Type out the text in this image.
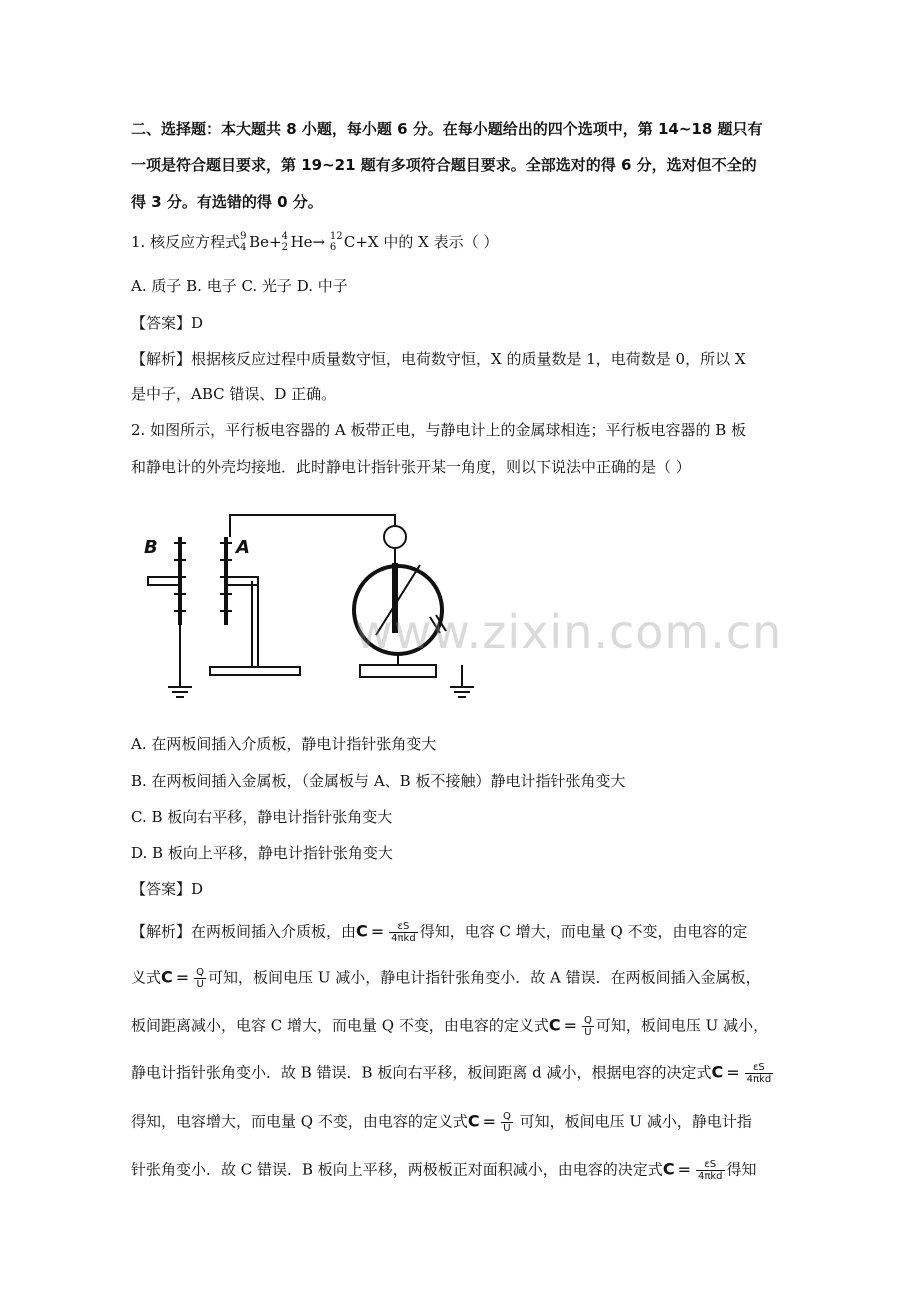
二、选择题：本大题共 8 小题，每小题 6 分。在每小题给出的四个选项中，第 14~18 题只有
一项是符合题目要求，第 19~21 题有多项符合题目要求。全部选对的得 6 分，选对但不全的
得 3 分。有选错的得 0 分。
1. 核反应方程式 9
4 Be+ 4
2 He→ 12
6 C+X 中的 X 表示（ ）
A. 质子 B. 电子 C. 光子 D. 中子
【答案】D
【解析】根据核反应过程中质量数守恒，电荷数守恒，X 的质量数是 1，电荷数是 0，所以 X
是中子，ABC 错误、D 正确。
2. 如图所示，平行板电容器的 A 板带正电，与静电计上的金属球相连；平行板电容器的 B 板
和静电计的外壳均接地．此时静电计指针张开某一角度，则以下说法中正确的是（ ）
B	A
www.zixin.com.cn
A. 在两板间插入介质板，静电计指针张角变大
B. 在两板间插入金属板，（金属板与 A、B 板不接触）静电计指针张角变大
C. B 板向右平移，静电计指针张角变大
D. B 板向上平移，静电计指针张角变大
【答案】D
【解析】在两板间插入介质板，由$C = \frac{\varepsilon S}{\text{4πkd}}$ 得知，电容 C 增大，而电量 Q 不变，由电容的定
义式$C = \frac{Q}{U}$ 可知，板间电压 U 减小，静电计指针张角变小．故 A 错误．在两板间插入金属板，
板间距离减小，电容 C 增大，而电量 Q 不变，由电容的定义式$C = \frac{Q}{U}$ 可知，板间电压 U 减小，
静电计指针张角变小．故 B 错误．B 板向右平移，板间距离 d 减小，根据电容的决定式$C = \frac{\varepsilon S}{\text{4πkd}}$
得知，电容增大，而电量 Q 不变，由电容的定义式$C = \frac{Q}{U}$ 可知，板间电压 U 减小，静电计指
针张角变小．故 C 错误．B 板向上平移，两极板正对面积减小，由电容的决定式$C = \frac{\varepsilon S}{\text{4πkd}}$ 得知
